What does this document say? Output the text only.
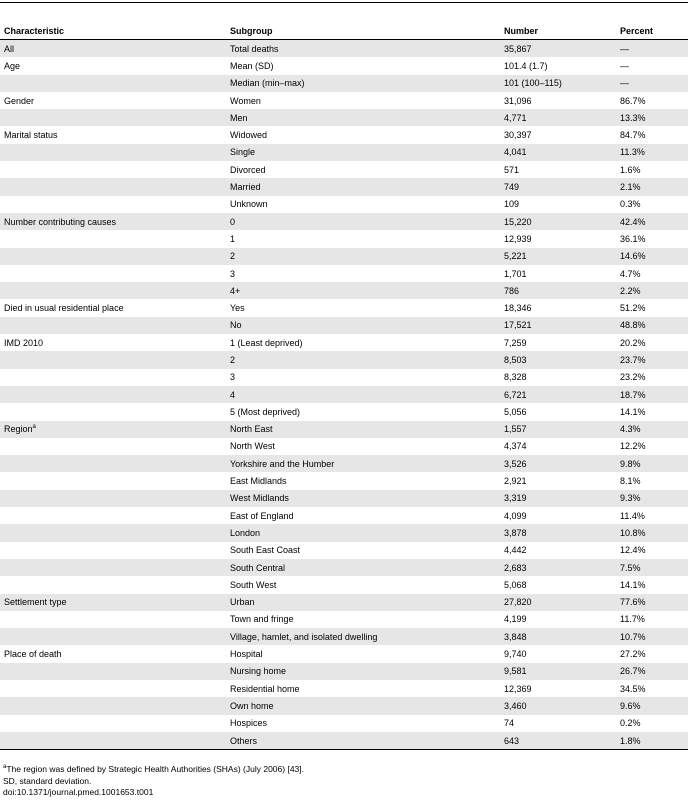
Characteristic	Subgroup	Number	Percent
All	Total deaths	35,867	—
Age	Mean (SD)	101.4 (1.7)	—
	Median (min–max)	101 (100–115)	—
Gender	Women	31,096	86.7%
	Men	4,771	13.3%
Marital status	Widowed	30,397	84.7%
	Single	4,041	11.3%
	Divorced	571	1.6%
	Married	749	2.1%
	Unknown	109	0.3%
Number contributing causes	0	15,220	42.4%
	1	12,939	36.1%
	2	5,221	14.6%
	3	1,701	4.7%
	4+	786	2.2%
Died in usual residential place	Yes	18,346	51.2%
	No	17,521	48.8%
IMD 2010	1 (Least deprived)	7,259	20.2%
	2	8,503	23.7%
	3	8,328	23.2%
	4	6,721	18.7%
	5 (Most deprived)	5,056	14.1%
Region$^a$	North East	1,557	4.3%
	North West	4,374	12.2%
	Yorkshire and the Humber	3,526	9.8%
	East Midlands	2,921	8.1%
	West Midlands	3,319	9.3%
	East of England	4,099	11.4%
	London	3,878	10.8%
	South East Coast	4,442	12.4%
	South Central	2,683	7.5%
	South West	5,068	14.1%
Settlement type	Urban	27,820	77.6%
	Town and fringe	4,199	11.7%
	Village, hamlet, and isolated dwelling	3,848	10.7%
Place of death	Hospital	9,740	27.2%
	Nursing home	9,581	26.7%
	Residential home	12,369	34.5%
	Own home	3,460	9.6%
	Hospices	74	0.2%
	Others	643	1.8%
$^a$The region was defined by Strategic Health Authorities (SHAs) (July 2006) [43].
SD, standard deviation.
doi:10.1371/journal.pmed.1001653.t001
